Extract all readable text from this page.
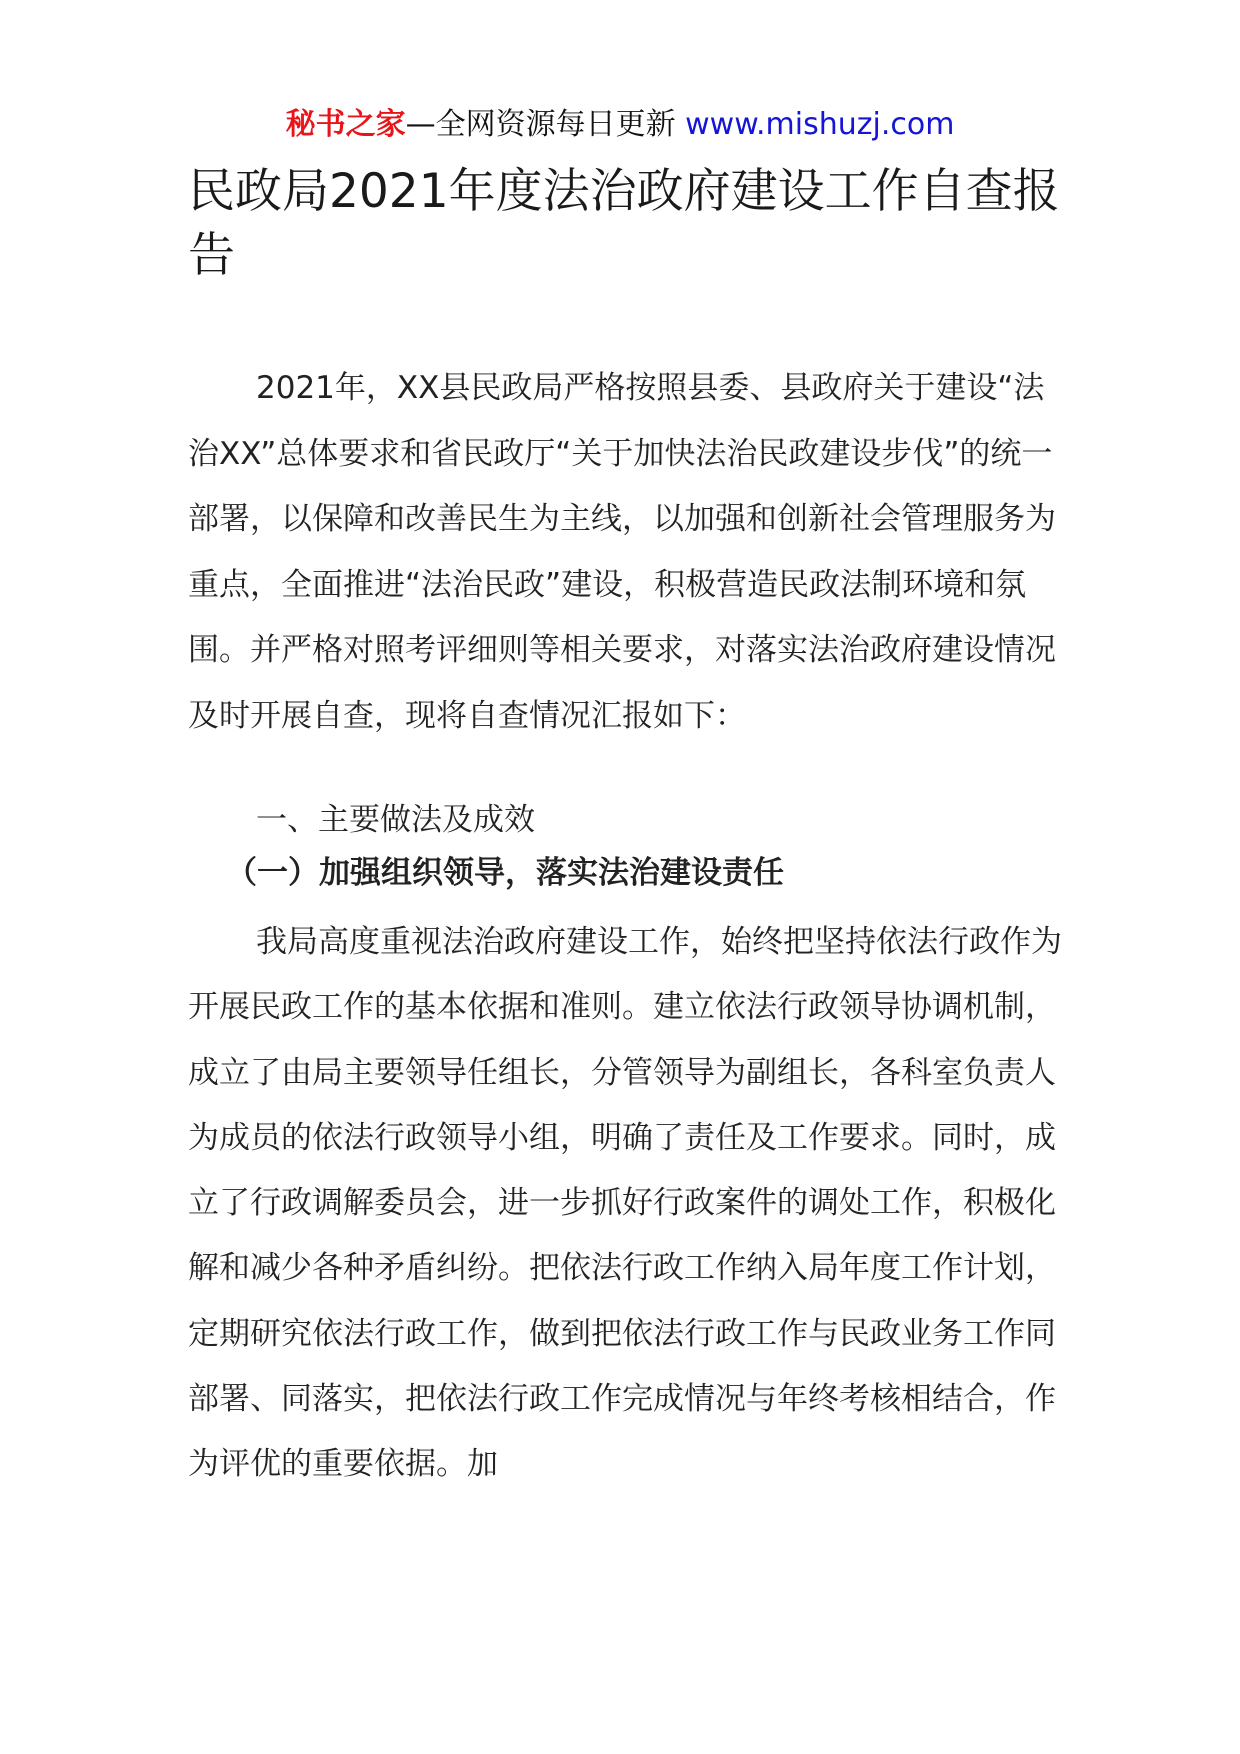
秘书之家—全网资源每日更新 www.mishuzj.com
民政局2021年度法治政府建设工作自查报告

2021年，XX县民政局严格按照县委、县政府关于建设“法治XX”总体要求和省民政厅“关于加快法治民政建设步伐”的统一部署，以保障和改善民生为主线，以加强和创新社会管理服务为重点，全面推进“法治民政”建设，积极营造民政法制环境和氛围。并严格对照考评细则等相关要求，对落实法治政府建设情况及时开展自查，现将自查情况汇报如下：

一、主要做法及成效
（一）加强组织领导，落实法治建设责任

我局高度重视法治政府建设工作，始终把坚持依法行政作为开展民政工作的基本依据和准则。建立依法行政领导协调机制，成立了由局主要领导任组长，分管领导为副组长，各科室负责人为成员的依法行政领导小组，明确了责任及工作要求。同时，成立了行政调解委员会，进一步抓好行政案件的调处工作，积极化解和减少各种矛盾纠纷。把依法行政工作纳入局年度工作计划，定期研究依法行政工作，做到把依法行政工作与民政业务工作同部署、同落实，把依法行政工作完成情况与年终考核相结合，作为评优的重要依据。加
